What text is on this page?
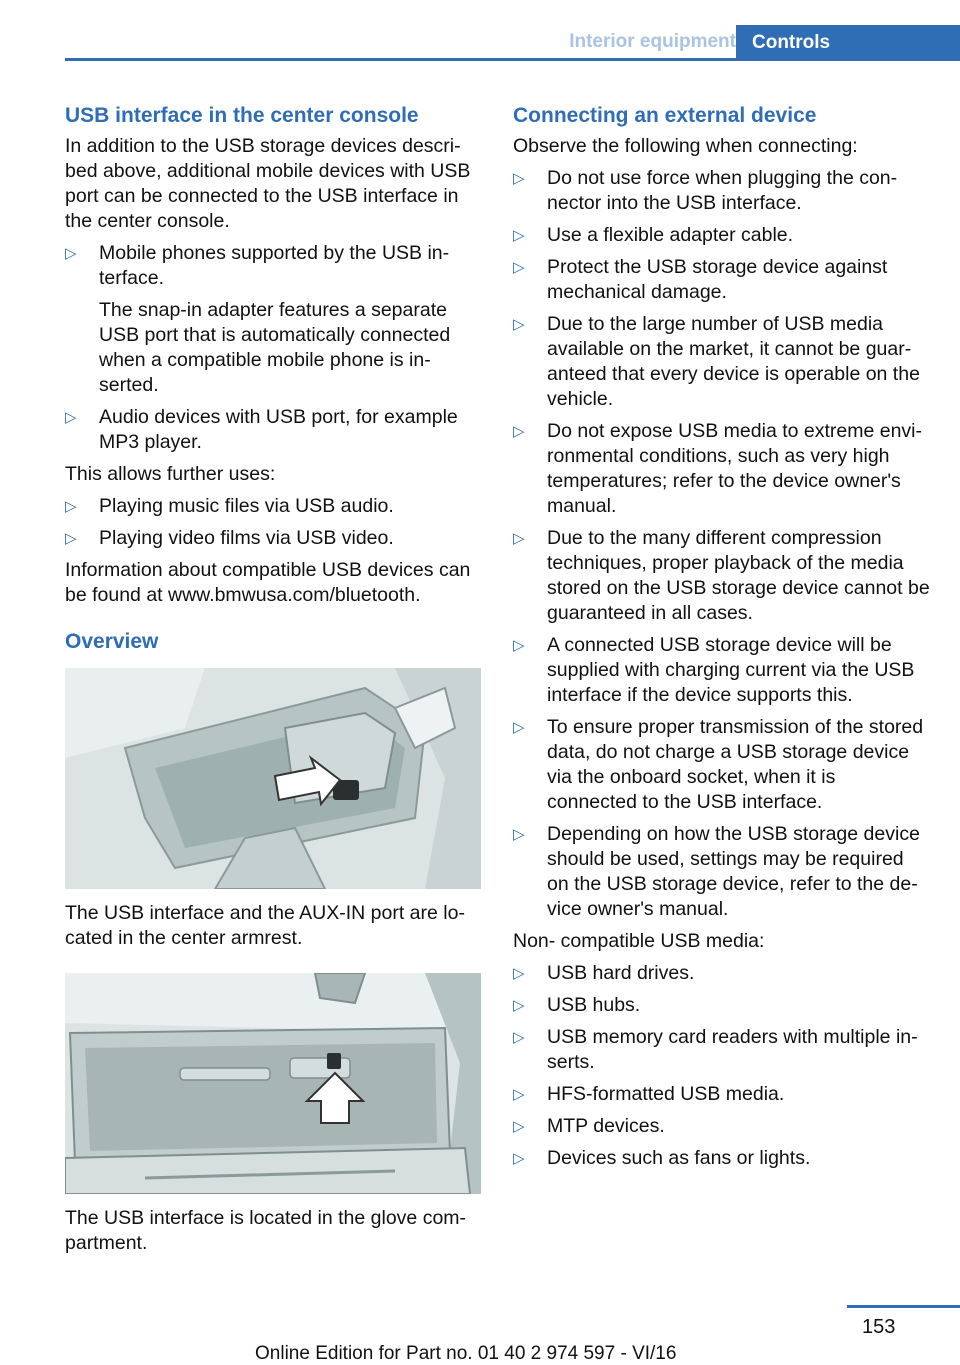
Interior equipment Controls
USB interface in the center console

In addition to the USB storage devices described above, additional mobile devices with USB port can be connected to the USB interface in the center console.

▷ Mobile phones supported by the USB interface.

The snap-in adapter features a separate USB port that is automatically connected when a compatible mobile phone is inserted.

▷ Audio devices with USB port, for example MP3 player.

This allows further uses:

▷ Playing music files via USB audio.
▷ Playing video films via USB video.

Information about compatible USB devices can be found at www.bmwusa.com/bluetooth.

Overview

The USB interface and the AUX-IN port are located in the center armrest.

The USB interface is located in the glove compartment.

Connecting an external device

Observe the following when connecting:

▷ Do not use force when plugging the connector into the USB interface.
▷ Use a flexible adapter cable.
▷ Protect the USB storage device against mechanical damage.
▷ Due to the large number of USB media available on the market, it cannot be guaranteed that every device is operable on the vehicle.
▷ Do not expose USB media to extreme environmental conditions, such as very high temperatures; refer to the device owner's manual.
▷ Due to the many different compression techniques, proper playback of the media stored on the USB storage device cannot be guaranteed in all cases.
▷ A connected USB storage device will be supplied with charging current via the USB interface if the device supports this.
▷ To ensure proper transmission of the stored data, do not charge a USB storage device via the onboard socket, when it is connected to the USB interface.
▷ Depending on how the USB storage device should be used, settings may be required on the USB storage device, refer to the device owner's manual.

Non- compatible USB media:

▷ USB hard drives.
▷ USB hubs.
▷ USB memory card readers with multiple inserts.
▷ HFS-formatted USB media.
▷ MTP devices.
▷ Devices such as fans or lights.
153
Online Edition for Part no. 01 40 2 974 597 - VI/16
